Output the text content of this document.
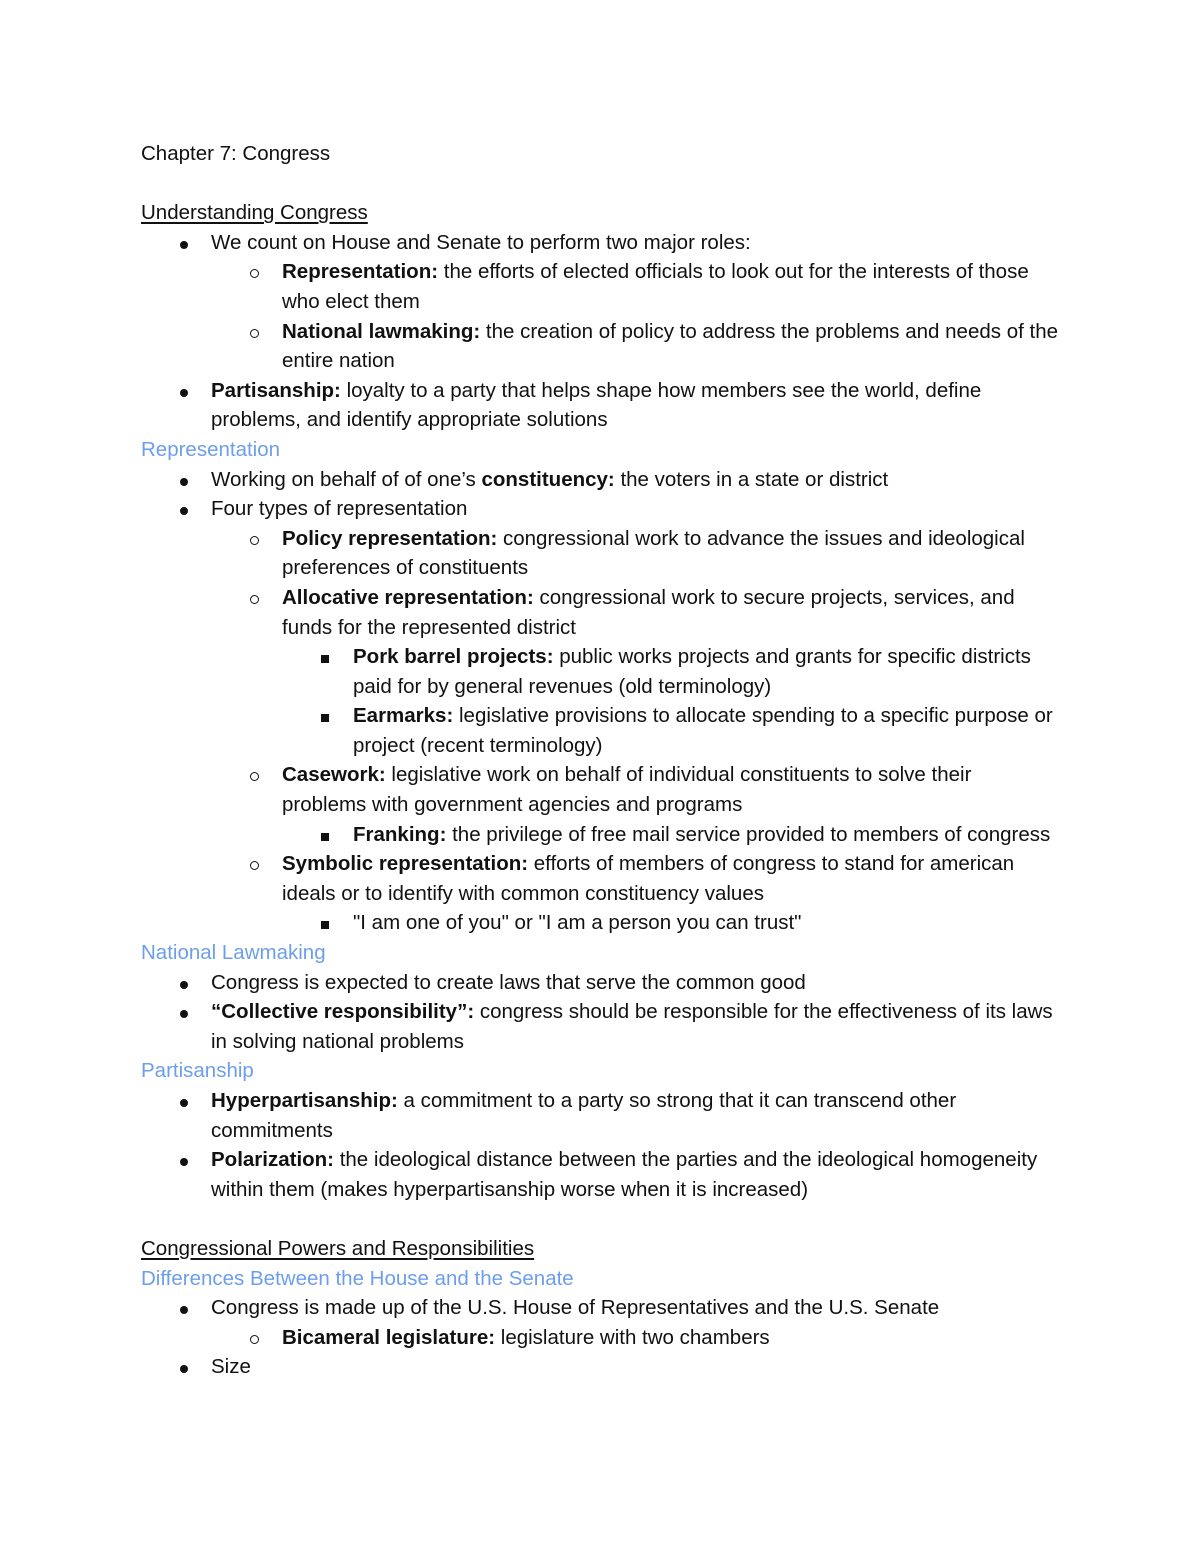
Chapter 7: Congress
Understanding Congress
We count on House and Senate to perform two major roles:
Representation: the efforts of elected officials to look out for the interests of those who elect them
National lawmaking: the creation of policy to address the problems and needs of the entire nation
Partisanship: loyalty to a party that helps shape how members see the world, define problems, and identify appropriate solutions
Representation
Working on behalf of of one’s constituency: the voters in a state or district
Four types of representation
Policy representation: congressional work to advance the issues and ideological preferences of constituents
Allocative representation: congressional work to secure projects, services, and funds for the represented district
Pork barrel projects: public works projects and grants for specific districts paid for by general revenues (old terminology)
Earmarks: legislative provisions to allocate spending to a specific purpose or project (recent terminology)
Casework: legislative work on behalf of individual constituents to solve their problems with government agencies and programs
Franking: the privilege of free mail service provided to members of congress
Symbolic representation: efforts of members of congress to stand for american ideals or to identify with common constituency values
"I am one of you" or "I am a person you can trust"
National Lawmaking
Congress is expected to create laws that serve the common good
“Collective responsibility”: congress should be responsible for the effectiveness of its laws in solving national problems
Partisanship
Hyperpartisanship: a commitment to a party so strong that it can transcend other commitments
Polarization: the ideological distance between the parties and the ideological homogeneity within them (makes hyperpartisanship worse when it is increased)
Congressional Powers and Responsibilities
Differences Between the House and the Senate
Congress is made up of the U.S. House of Representatives and the U.S. Senate
Bicameral legislature: legislature with two chambers
Size
